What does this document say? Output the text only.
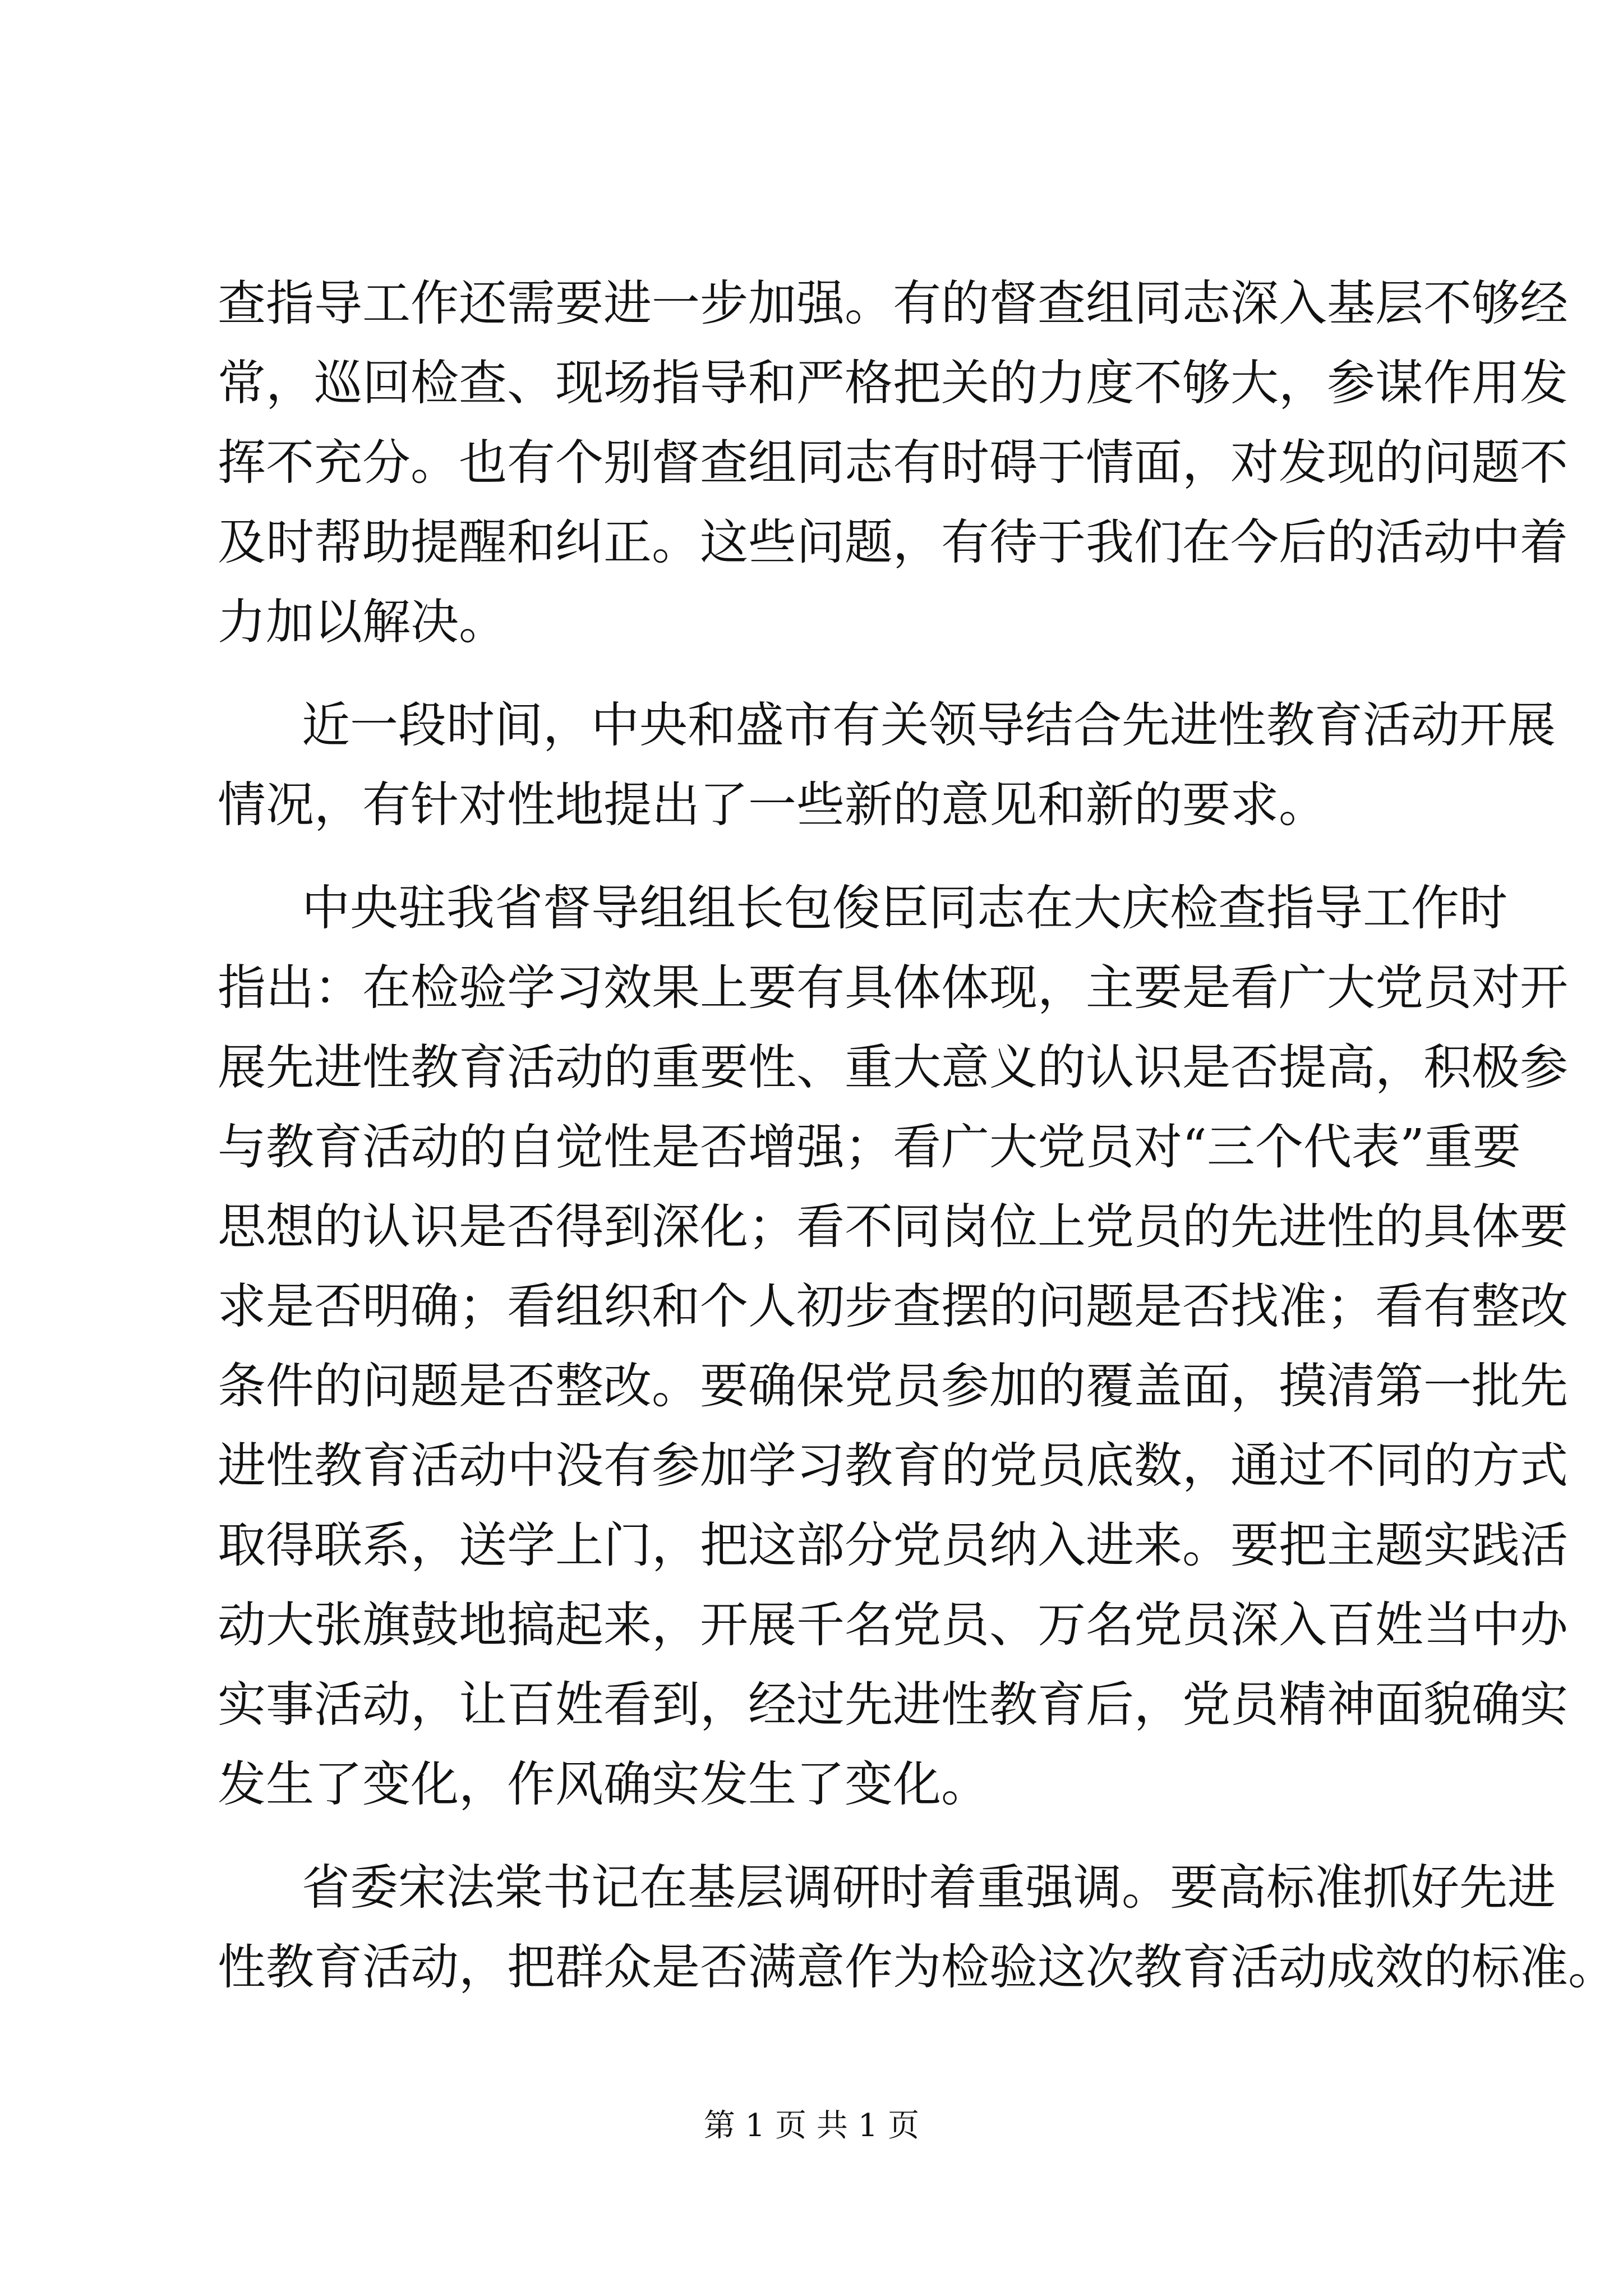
查指导工作还需要进一步加强。有的督查组同志深入基层不够经
常，巡回检查、现场指导和严格把关的力度不够大，参谋作用发
挥不充分。也有个别督查组同志有时碍于情面，对发现的问题不
及时帮助提醒和纠正。这些问题，有待于我们在今后的活动中着
力加以解决。
近一段时间，中央和盛市有关领导结合先进性教育活动开展
情况，有针对性地提出了一些新的意见和新的要求。
中央驻我省督导组组长包俊臣同志在大庆检查指导工作时
指出：在检验学习效果上要有具体体现，主要是看广大党员对开
展先进性教育活动的重要性、重大意义的认识是否提高，积极参
与教育活动的自觉性是否增强；看广大党员对“三个代表”重要
思想的认识是否得到深化；看不同岗位上党员的先进性的具体要
求是否明确；看组织和个人初步查摆的问题是否找准；看有整改
条件的问题是否整改。要确保党员参加的覆盖面，摸清第一批先
进性教育活动中没有参加学习教育的党员底数，通过不同的方式
取得联系，送学上门，把这部分党员纳入进来。要把主题实践活
动大张旗鼓地搞起来，开展千名党员、万名党员深入百姓当中办
实事活动，让百姓看到，经过先进性教育后，党员精神面貌确实
发生了变化，作风确实发生了变化。
省委宋法棠书记在基层调研时着重强调。要高标准抓好先进
性教育活动，把群众是否满意作为检验这次教育活动成效的标准。
第 1 页 共 1 页
